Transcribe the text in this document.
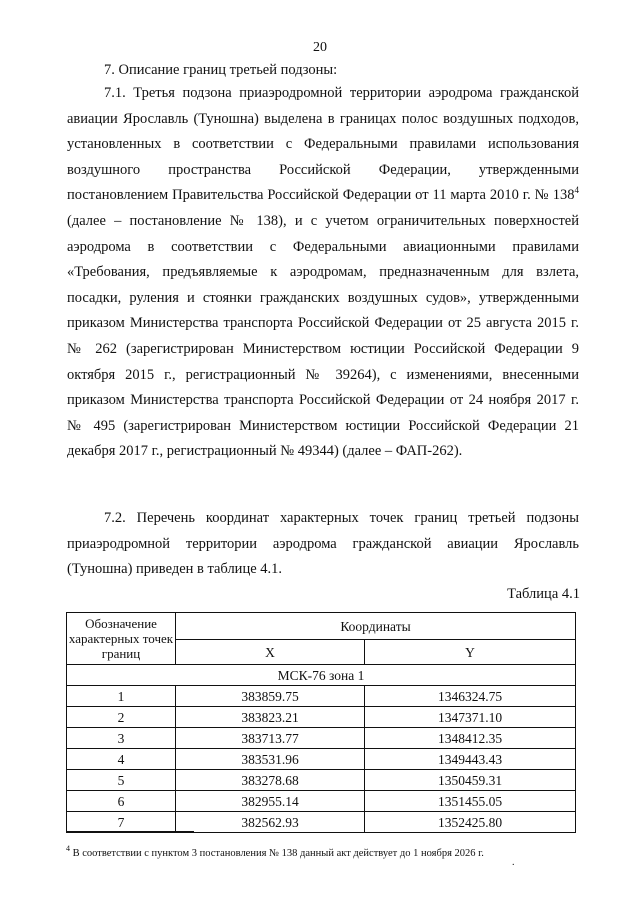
20
7. Описание границ третьей подзоны:

7.1. Третья подзона приаэродромной территории аэродрома гражданской авиации Ярославль (Туношна) выделена в границах полос воздушных подходов, установленных в соответствии с Федеральными правилами использования воздушного пространства Российской Федерации, утвержденными постановлением Правительства Российской Федерации от 11 марта 2010 г. № $138^4$ (далее – постановление № 138), и с учетом ограничительных поверхностей аэродрома в соответствии с Федеральными авиационными правилами «Требования, предъявляемые к аэродромам, предназначенным для взлета, посадки, руления и стоянки гражданских воздушных судов», утвержденными приказом Министерства транспорта Российской Федерации от 25 августа 2015 г. № 262 (зарегистрирован Министерством юстиции Российской Федерации 9 октября 2015 г., регистрационный № 39264), с изменениями, внесенными приказом Министерства транспорта Российской Федерации от 24 ноября 2017 г. № 495 (зарегистрирован Министерством юстиции Российской Федерации 21 декабря 2017 г., регистрационный № 49344) (далее – ФАП-262).

7.2. Перечень координат характерных точек границ третьей подзоны приаэродромной территории аэродрома гражданской авиации Ярославль (Туношна) приведен в таблице 4.1.

Таблица 4.1
Обозначение характерных точек границ	Координаты	
	X	Y
МСК-76 зона 1		
1	383859.75	1346324.75
2	383823.21	1347371.10
3	383713.77	1348412.35
4	383531.96	1349443.43
5	383278.68	1350459.31
6	382955.14	1351455.05
7	382562.93	1352425.80
$^4$ В соответствии с пунктом 3 постановления № 138 данный акт действует до 1 ноября 2026 г.
.
